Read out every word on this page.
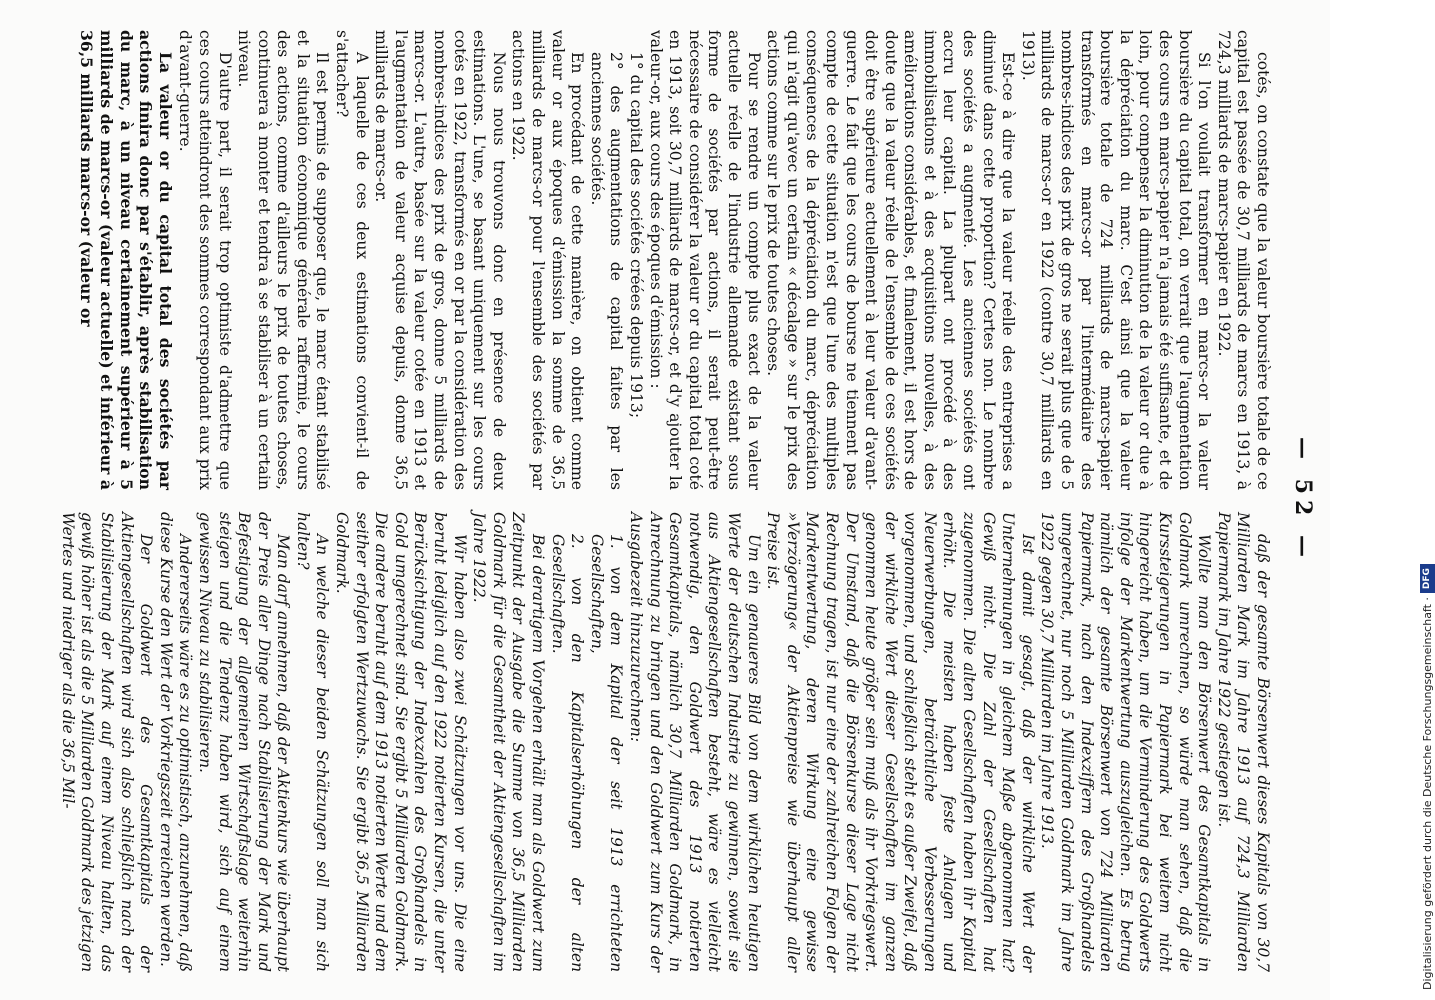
— 52 —

cotés, on constate que la valeur boursière totale de ce capital est passée de 30,7 milliards de marcs en 1913, à 724,3 milliards de marcs-papier en 1922.

Si l'on voulait transformer en marcs-or la valeur boursière du capital total, on verrait que l'augmentation des cours en marcs-papier n'a jamais été suffisante, et de loin, pour compenser la diminution de la valeur or due à la dépréciation du marc. C'est ainsi que la valeur boursière totale de 724 milliards de marcs-papier transformés en marcs-or par l'intermédiaire des nombres-indices des prix de gros ne serait plus que de 5 milliards de marcs-or en 1922 (contre 30,7 milliards en 1913).

Est-ce à dire que la valeur réelle des entreprises a diminué dans cette proportion? Certes non. Le nombre des sociétés a augmenté. Les anciennes sociétés ont accru leur capital. La plupart ont procédé à des immobilisations et à des acquisitions nouvelles, à des améliorations considérables, et finalement, il est hors de doute que la valeur réelle de l'ensemble de ces sociétés doit être supérieure actuellement à leur valeur d'avant-guerre. Le fait que les cours de bourse ne tiennent pas compte de cette situation n'est que l'une des multiples conséquences de la dépréciation du marc, dépréciation qui n'agit qu'avec un certain « décalage » sur le prix des actions comme sur le prix de toutes choses.

Pour se rendre un compte plus exact de la valeur actuelle réelle de l'industrie allemande existant sous forme de sociétés par actions, il serait peut-être nécessaire de considérer la valeur or du capital total coté en 1913, soit 30,7 milliards de marcs-or, et d'y ajouter la valeur-or, aux cours des époques d'émission :

1° du capital des sociétés créées depuis 1913;

2° des augmentations de capital faites par les anciennes sociétés.

En procédant de cette manière, on obtient comme valeur or aux époques d'émission la somme de 36,5 milliards de marcs-or pour l'ensemble des sociétés par actions en 1922.

Nous nous trouvons donc en présence de deux estimations. L'une, se basant uniquement sur les cours cotés en 1922, transformés en or par la considération des nombres-indices des prix de gros, donne 5 milliards de marcs-or. L'autre, basée sur la valeur cotée en 1913 et l'augmentation de valeur acquise depuis, donne 36,5 milliards de marcs-or.

A laquelle de ces deux estimations convient-il de s'attacher?

Il est permis de supposer que, le marc étant stabilisé et la situation économique générale raffermie, le cours des actions, comme d'ailleurs le prix de toutes choses, continuera à monter et tendra à se stabiliser à un certain niveau.

D'autre part, il serait trop optimiste d'admettre que ces cours atteindront des sommes correspondant aux prix d'avant-guerre.

La valeur or du capital total des sociétés par actions finira donc par s'établir, après stabilisation du marc, à un niveau certainement supérieur à 5 milliards de marcs-or (valeur actuelle) et inférieur à 36,5 milliards marcs-or (valeur or

daß der gesamte Börsenwert dieses Kapitals von 30,7 Milliarden Mark im Jahre 1913 auf 724,3 Milliarden Papiermark im Jahre 1922 gestiegen ist.

Wollte man den Börsenwert des Gesamtkapitals in Goldmark umrechnen, so würde man sehen, daß die Kurssteigerungen in Papiermark bei weitem nicht hingereicht haben, um die Verminderung des Goldwerts infolge der Markentwertung auszugleichen. Es betrug nämlich der gesamte Börsenwert von 724 Milliarden Papiermark, nach den Indexziffern des Großhandels umgerechnet, nur noch 5 Milliarden Goldmark im Jahre 1922 gegen 30,7 Milliarden im Jahre 1913.

Ist damit gesagt, daß der wirkliche Wert der Unternehmungen in gleichem Maße abgenommen hat? Gewiß nicht. Die Zahl der Gesellschaften hat zugenommen. Die alten Gesellschaften haben ihr Kapital erhöht. Die meisten haben feste Anlagen und Neuerwerbungen, beträchtliche Verbesserungen vorgenommen, und schließlich steht es außer Zweifel, daß der wirkliche Wert dieser Gesellschaften im ganzen genommen heute größer sein muß als ihr Vorkriegswert. Der Umstand, daß die Börsenkurse dieser Lage nicht Rechnung tragen, ist nur eine der zahlreichen Folgen der Markentwertung, deren Wirkung eine gewisse »Verzögerung« der Aktienpreise wie überhaupt aller Preise ist.

Um ein genaueres Bild von dem wirklichen heutigen Werte der deutschen Industrie zu gewinnen, soweit sie aus Aktiengesellschaften besteht, wäre es vielleicht notwendig, den Goldwert des 1913 notierten Gesamtkapitals, nämlich 30,7 Milliarden Goldmark, in Anrechnung zu bringen und den Goldwert zum Kurs der Ausgabezeit hinzuzurechnen:

1. von dem Kapital der seit 1913 errichteten Gesellschaften,

2. von den Kapitalserhöhungen der alten Gesellschaften.

Bei derartigem Vorgehen erhält man als Goldwert zum Zeitpunkt der Ausgabe die Summe von 36,5 Milliarden Goldmark für die Gesamtheit der Aktiengesellschaften im Jahre 1922.

Wir haben also zwei Schätzungen vor uns. Die eine beruht lediglich auf den 1922 notierten Kursen, die unter Berücksichtigung der Indexzahlen des Großhandels in Gold umgerechnet sind. Sie ergibt 5 Milliarden Goldmark. Die andere beruht auf dem 1913 notierten Werte und dem seither erfolgten Wertzuwachs. Sie ergibt 36,5 Milliarden Goldmark.

An welche dieser beiden Schätzungen soll man sich halten?

Man darf annehmen, daß der Aktienkurs wie überhaupt der Preis aller Dinge nach Stabilisierung der Mark und Befestigung der allgemeinen Wirtschaftslage weiterhin steigen und die Tendenz haben wird, sich auf einem gewissen Niveau zu stabilisieren.

Andererseits wäre es zu optimistisch, anzunehmen, daß diese Kurse den Wert der Vorkriegszeit erreichen werden.

Der Goldwert des Gesamtkapitals der Aktiengesellschaften wird sich also schließlich nach der Stabilisierung der Mark auf einem Niveau halten, das gewiß höher ist als die 5 Milliarden Goldmark des jetzigen Wertes und niedriger als die 36,5 Mil-	Digitalisierung gefördert durch die Deutsche Forschungsgemeinschaft ·
DFG
